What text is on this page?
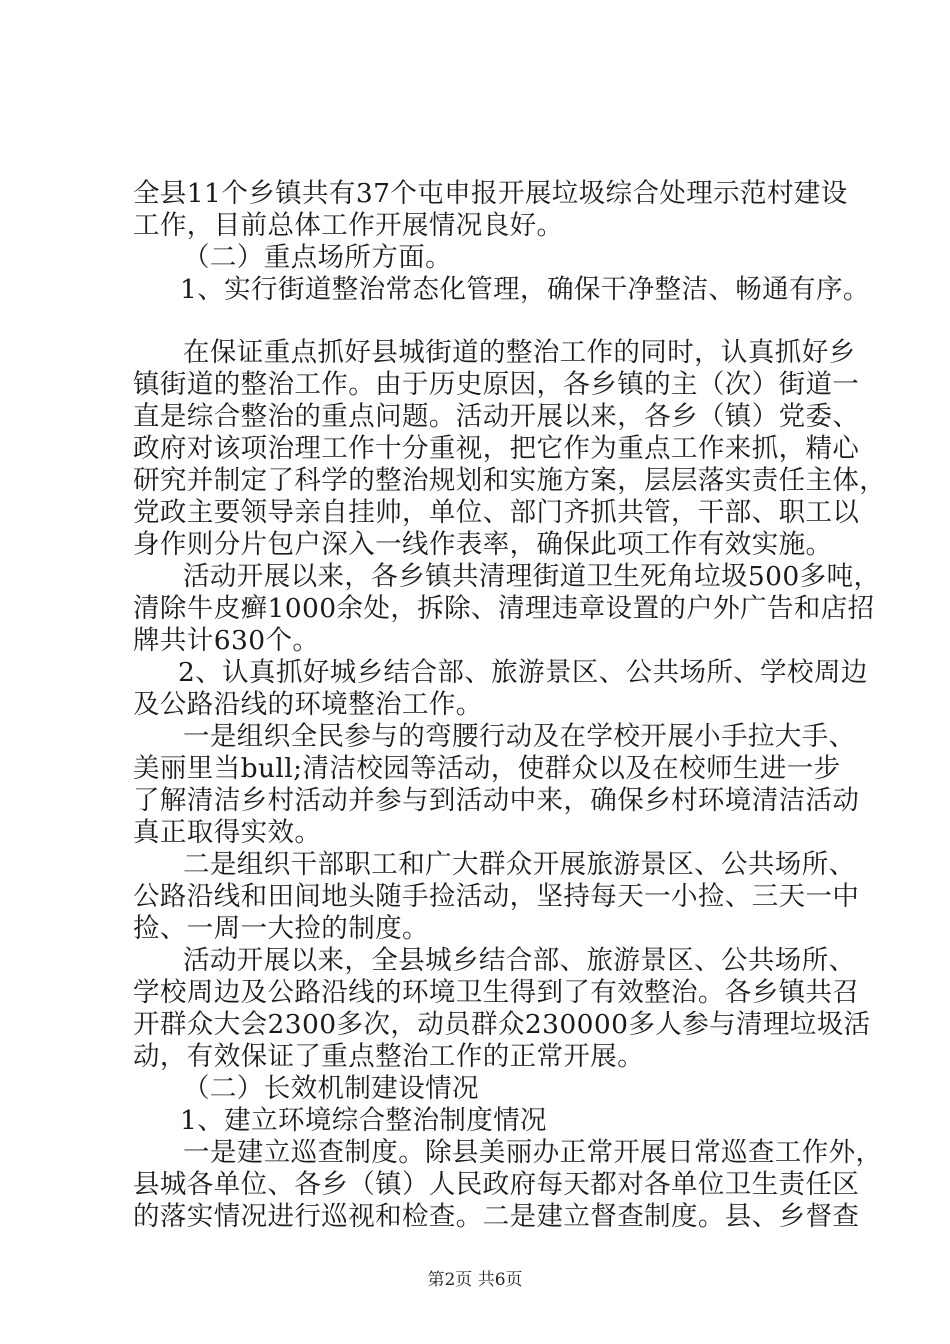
全县11个乡镇共有37个屯申报开展垃圾综合处理示范村建设
工作，目前总体工作开展情况良好。
（二）重点场所方面。
1、实行街道整治常态化管理，确保干净整洁、畅通有序。
在保证重点抓好县城街道的整治工作的同时，认真抓好乡
镇街道的整治工作。由于历史原因，各乡镇的主（次）街道一
直是综合整治的重点问题。活动开展以来，各乡（镇）党委、
政府对该项治理工作十分重视，把它作为重点工作来抓，精心
研究并制定了科学的整治规划和实施方案，层层落实责任主体，
党政主要领导亲自挂帅，单位、部门齐抓共管，干部、职工以
身作则分片包户深入一线作表率，确保此项工作有效实施。
活动开展以来，各乡镇共清理街道卫生死角垃圾500多吨，
清除牛皮癣1000余处，拆除、清理违章设置的户外广告和店招
牌共计630个。
2、认真抓好城乡结合部、旅游景区、公共场所、学校周边
及公路沿线的环境整治工作。
一是组织全民参与的弯腰行动及在学校开展小手拉大手、
美丽里当bull;清洁校园等活动，使群众以及在校师生进一步
了解清洁乡村活动并参与到活动中来，确保乡村环境清洁活动
真正取得实效。
二是组织干部职工和广大群众开展旅游景区、公共场所、
公路沿线和田间地头随手捡活动，坚持每天一小捡、三天一中
捡、一周一大捡的制度。
活动开展以来，全县城乡结合部、旅游景区、公共场所、
学校周边及公路沿线的环境卫生得到了有效整治。各乡镇共召
开群众大会2300多次，动员群众230000多人参与清理垃圾活
动，有效保证了重点整治工作的正常开展。
（二）长效机制建设情况
1、建立环境综合整治制度情况
一是建立巡查制度。除县美丽办正常开展日常巡查工作外，
县城各单位、各乡（镇）人民政府每天都对各单位卫生责任区
的落实情况进行巡视和检查。二是建立督查制度。县、乡督查
第2页 共6页
